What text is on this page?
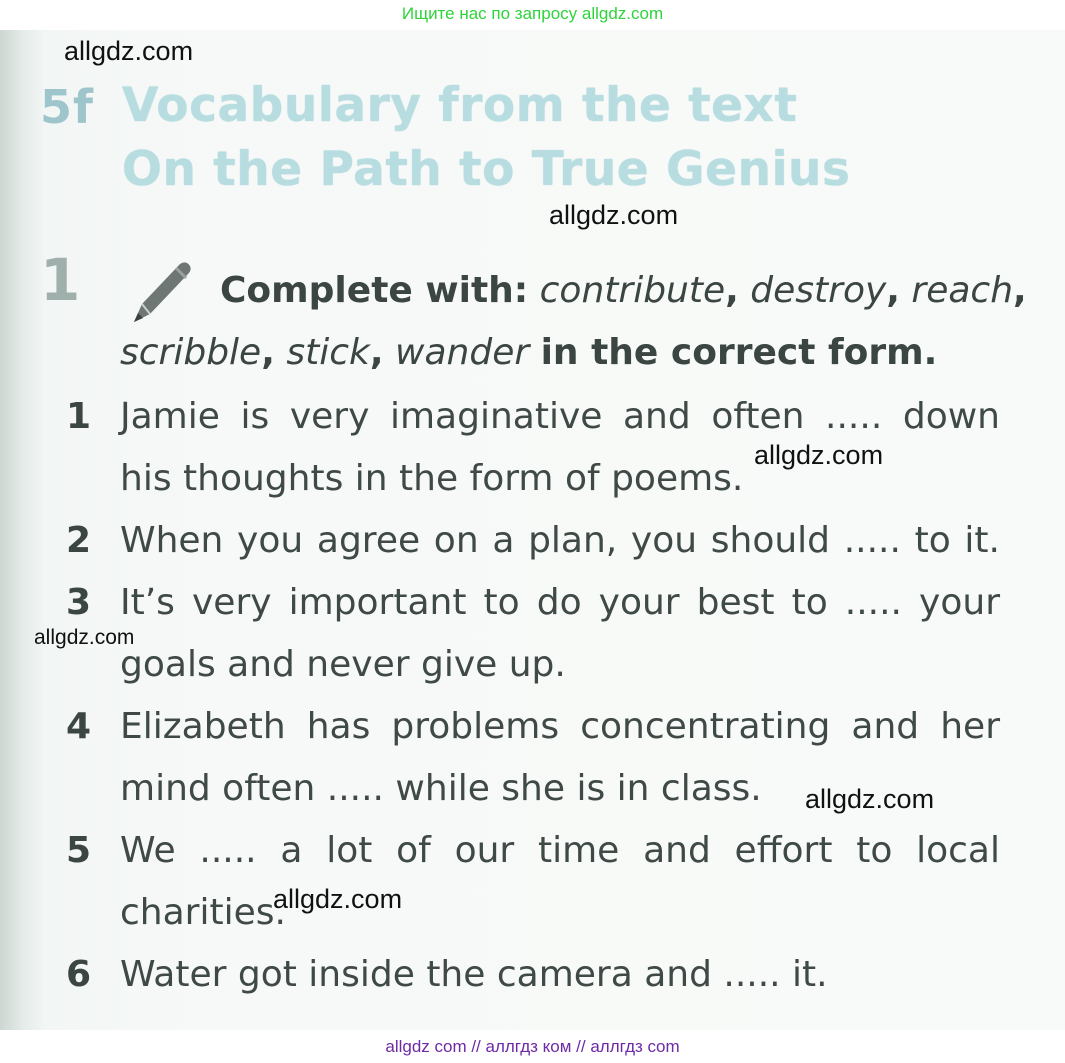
Ищите нас по запросу allgdz.com
5f Vocabulary from the text
On the Path to True Genius
1	Complete with: contribute, destroy, reach,
scribble, stick, wander in the correct form.
1 Jamie is very imaginative and often ..... down
his thoughts in the form of poems.
2 When you agree on a plan, you should ..... to it.
3 It’s very important to do your best to ..... your
goals and never give up.
4 Elizabeth has problems concentrating and her
mind often ..... while she is in class.
5 We ..... a lot of our time and effort to local
charities.
6 Water got inside the camera and ..... it.
allgdz.com
allgdz.com
allgdz.com
allgdz.com
allgdz.com
allgdz.com
allgdz com // аллгдз ком // аллгдз com
